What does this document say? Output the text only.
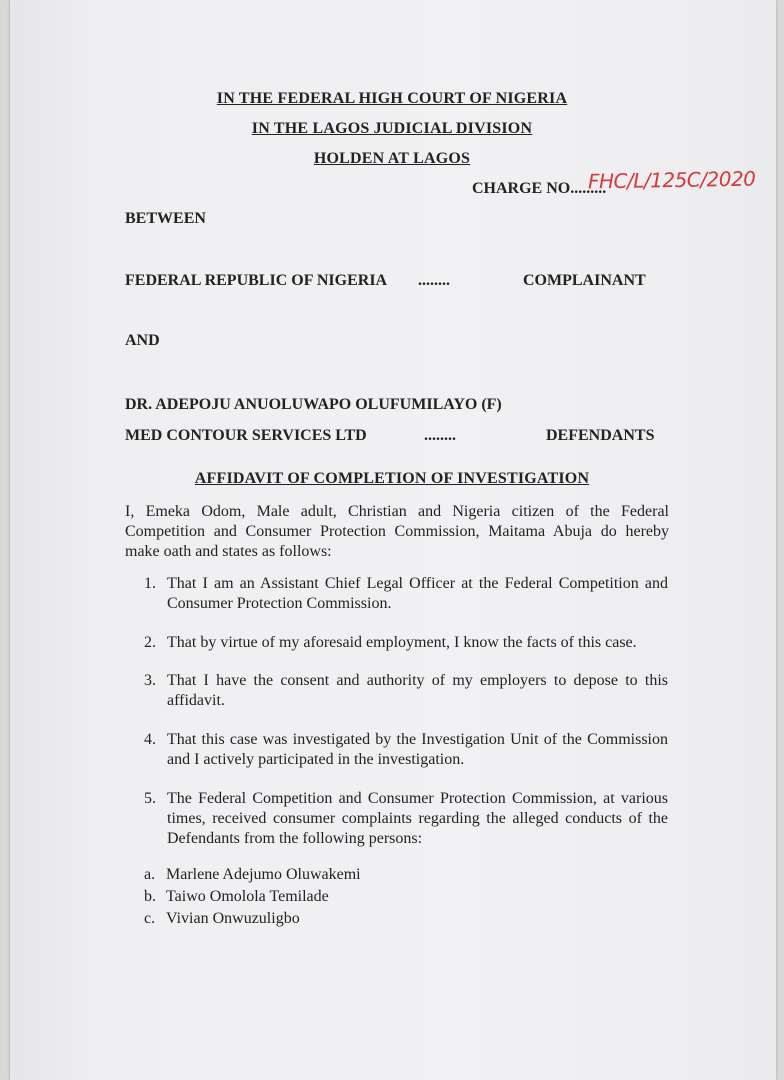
IN THE FEDERAL HIGH COURT OF NIGERIA
IN THE LAGOS JUDICIAL DIVISION
HOLDEN AT LAGOS
CHARGE NO.........
FHC/L/125C/2020
BETWEEN
FEDERAL REPUBLIC OF NIGERIA ........	COMPLAINANT
AND
DR. ADEPOJU ANUOLUWAPO OLUFUMILAYO (F)
MED CONTOUR SERVICES LTD	........	DEFENDANTS
AFFIDAVIT OF COMPLETION OF INVESTIGATION
I, Emeka Odom, Male adult, Christian and Nigeria citizen of the Federal Competition and Consumer Protection Commission, Maitama Abuja do hereby make oath and states as follows:
1. That I am an Assistant Chief Legal Officer at the Federal Competition and Consumer Protection Commission.
2. That by virtue of my aforesaid employment, I know the facts of this case.
3. That I have the consent and authority of my employers to depose to this affidavit.
4. That this case was investigated by the Investigation Unit of the Commission and I actively participated in the investigation.
5. The Federal Competition and Consumer Protection Commission, at various times, received consumer complaints regarding the alleged conducts of the Defendants from the following persons:
a. Marlene Adejumo Oluwakemi
b. Taiwo Omolola Temilade
c. Vivian Onwuzuligbo
